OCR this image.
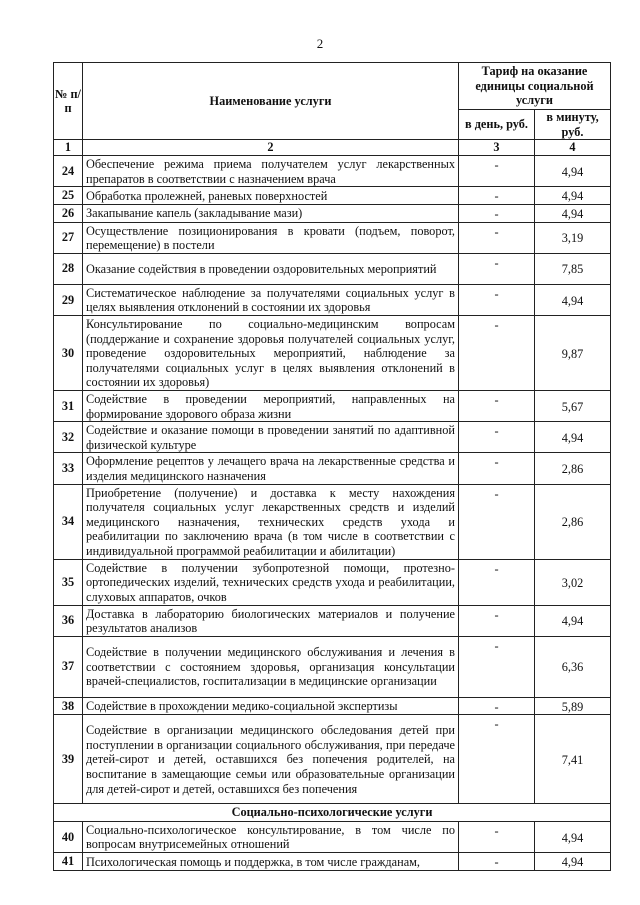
2
№ п/п	Наименование услуги	Тариф на оказание единицы социальной услуги	
		в день, руб.	в минуту, руб.
1	2	3	4
24	Обеспечение режима приема получателем услуг лекарственных препаратов в соответствии с назначением врача	-	4,94
25	Обработка пролежней, раневых поверхностей	-	4,94
26	Закапывание капель (закладывание мази)	-	4,94
27	Осуществление позиционирования в кровати (подъем, поворот, перемещение) в постели	-	3,19
28	Оказание содействия в проведении оздоровительных мероприятий	-	7,85
29	Систематическое наблюдение за получателями социальных услуг в целях выявления отклонений в состоянии их здоровья	-	4,94
30	Консультирование по социально-медицинским вопросам (поддержание и сохранение здоровья получателей социальных услуг, проведение оздоровительных мероприятий, наблюдение за получателями социальных услуг в целях выявления отклонений в состоянии их здоровья)	-	9,87
31	Содействие в проведении мероприятий, направленных на формирование здорового образа жизни	-	5,67
32	Содействие и оказание помощи в проведении занятий по адаптивной физической культуре	-	4,94
33	Оформление рецептов у лечащего врача на лекарственные средства и изделия медицинского назначения	-	2,86
34	Приобретение (получение) и доставка к месту нахождения получателя социальных услуг лекарственных средств и изделий медицинского назначения, технических средств ухода и реабилитации по заключению врача (в том числе в соответствии с индивидуальной программой реабилитации и абилитации)	-	2,86
35	Содействие в получении зубопротезной помощи, протезно-ортопедических изделий, технических средств ухода и реабилитации, слуховых аппаратов, очков	-	3,02
36	Доставка в лабораторию биологических материалов и получение результатов анализов	-	4,94
37	Содействие в получении медицинского обслуживания и лечения в соответствии с состоянием здоровья, организация консультации врачей-специалистов, госпитализации в медицинские организации	-	6,36
38	Содействие в прохождении медико-социальной экспертизы	-	5,89
39	Содействие в организации медицинского обследования детей при поступлении в организации социального обслуживания, при передаче детей-сирот и детей, оставшихся без попечения родителей, на воспитание в замещающие семьи или образовательные организации для детей-сирот и детей, оставшихся без попечения	-	7,41
Социально-психологические услуги			
40	Социально-психологическое консультирование, в том числе по вопросам внутрисемейных отношений	-	4,94
41	Психологическая помощь и поддержка, в том числе гражданам,	-	4,94
